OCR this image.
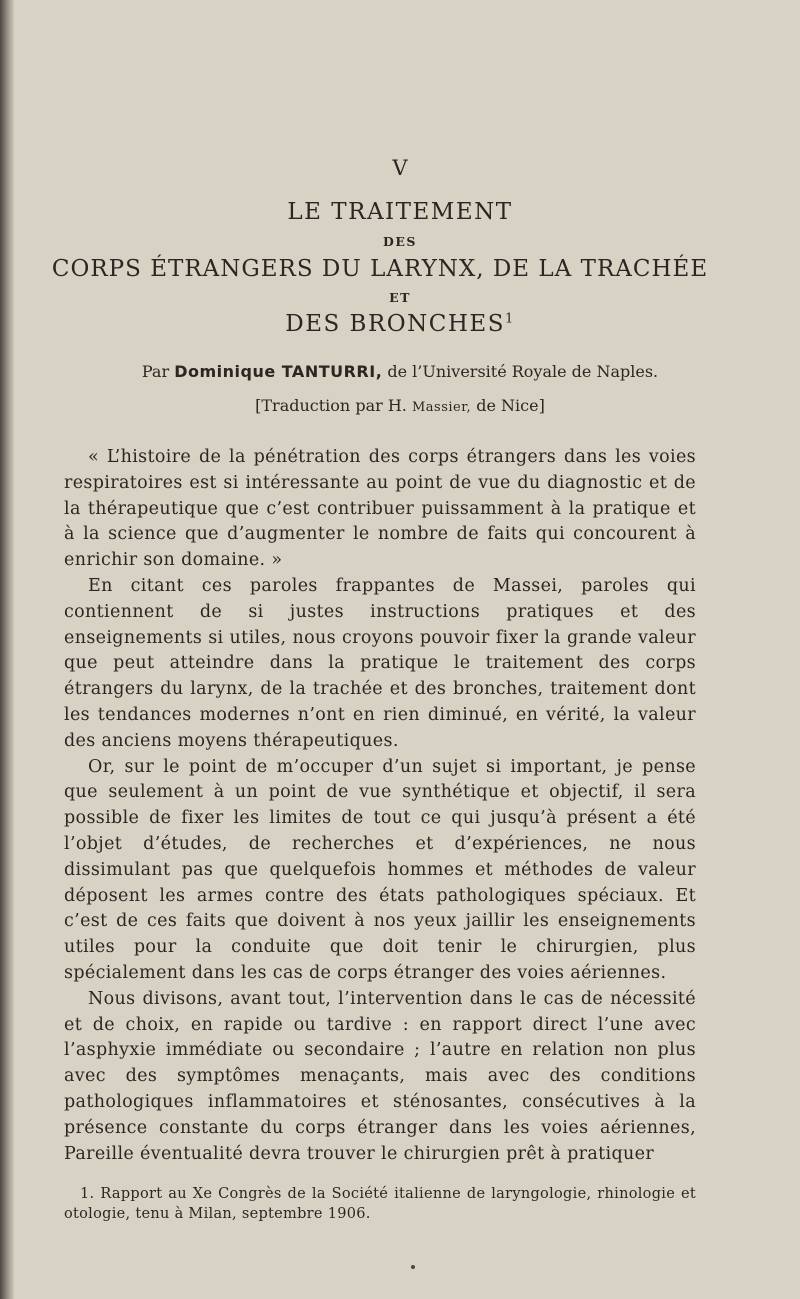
V
LE TRAITEMENT
DES
CORPS ÉTRANGERS DU LARYNX, DE LA TRACHÉE
ET
DES BRONCHES$^1$
Par Dominique TANTURRI, de l’Université Royale de Naples.
[Traduction par H. Massier, de Nice]

« L’histoire de la pénétration des corps étrangers dans les voies respiratoires est si intéressante au point de vue du diagnostic et de la thérapeutique que c’est contribuer puissamment à la pratique et à la science que d’augmenter le nombre de faits qui concourent à enrichir son domaine. »

En citant ces paroles frappantes de Massei, paroles qui contiennent de si justes instructions pratiques et des enseignements si utiles, nous croyons pouvoir fixer la grande valeur que peut atteindre dans la pratique le traitement des corps étrangers du larynx, de la trachée et des bronches, traitement dont les tendances modernes n’ont en rien diminué, en vérité, la valeur des anciens moyens thérapeutiques.

Or, sur le point de m’occuper d’un sujet si important, je pense que seulement à un point de vue synthétique et objectif, il sera possible de fixer les limites de tout ce qui jusqu’à présent a été l’objet d’études, de recherches et d’expériences, ne nous dissimulant pas que quelquefois hommes et méthodes de valeur déposent les armes contre des états pathologiques spéciaux. Et c’est de ces faits que doivent à nos yeux jaillir les enseignements utiles pour la conduite que doit tenir le chirurgien, plus spécialement dans les cas de corps étranger des voies aériennes.

Nous divisons, avant tout, l’intervention dans le cas de nécessité et de choix, en rapide ou tardive : en rapport direct l’une avec l’asphyxie immédiate ou secondaire ; l’autre en relation non plus avec des symptômes menaçants, mais avec des conditions pathologiques inflammatoires et sténosantes, consécutives à la présence constante du corps étranger dans les voies aériennes, Pareille éventualité devra trouver le chirurgien prêt à pratiquer

1. Rapport au Xe Congrès de la Société italienne de laryngologie, rhinologie et otologie, tenu à Milan, septembre 1906.
